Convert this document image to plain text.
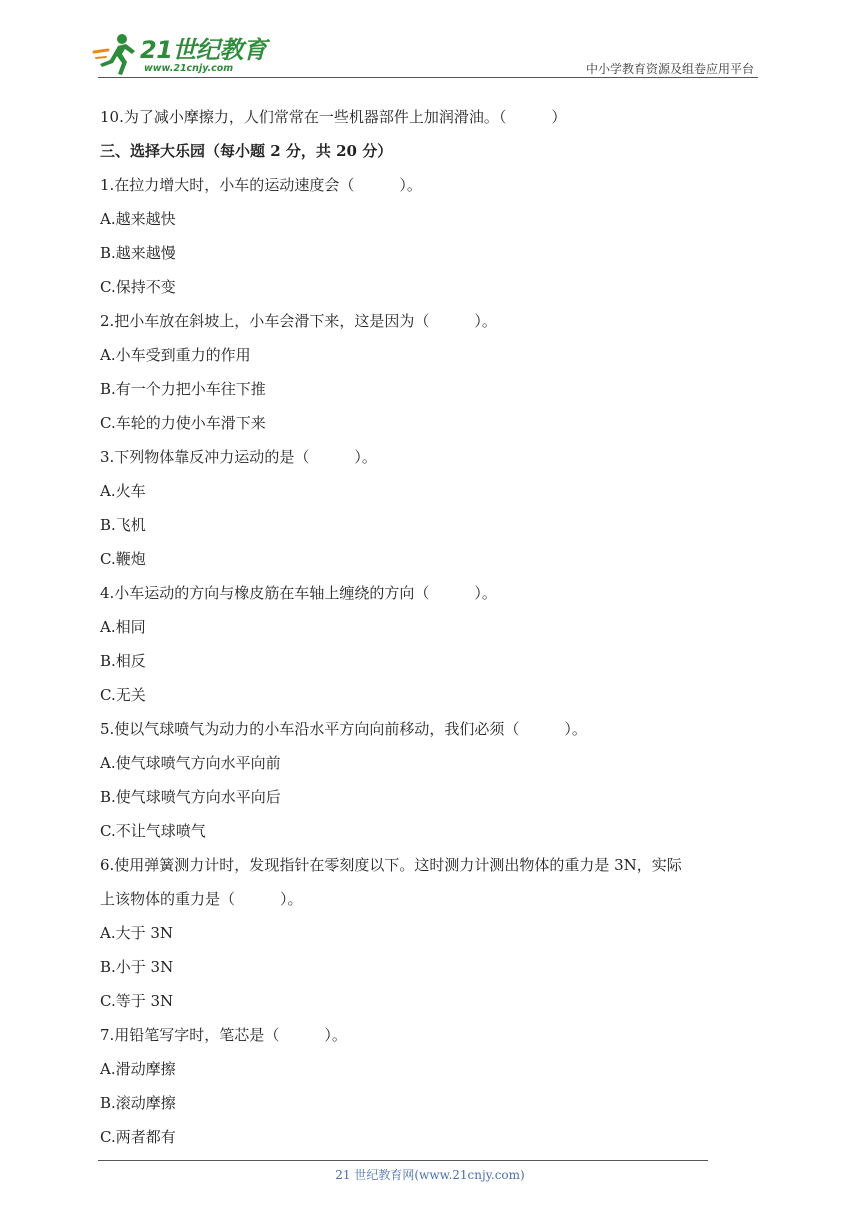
21世纪教育
www.21cnjy.com	中小学教育资源及组卷应用平台
10.为了减小摩擦力，人们常常在一些机器部件上加润滑油。（　　　）
三、选择大乐园（每小题 2 分，共 20 分）
1.在拉力增大时，小车的运动速度会（　　　）。
A.越来越快
B.越来越慢
C.保持不变
2.把小车放在斜坡上，小车会滑下来，这是因为（　　　）。
A.小车受到重力的作用
B.有一个力把小车往下推
C.车轮的力使小车滑下来
3.下列物体靠反冲力运动的是（　　　）。
A.火车
B.飞机
C.鞭炮
4.小车运动的方向与橡皮筋在车轴上缠绕的方向（　　　）。
A.相同
B.相反
C.无关
5.使以气球喷气为动力的小车沿水平方向向前移动，我们必须（　　　）。
A.使气球喷气方向水平向前
B.使气球喷气方向水平向后
C.不让气球喷气
6.使用弹簧测力计时，发现指针在零刻度以下。这时测力计测出物体的重力是 3N，实际
上该物体的重力是（　　　）。
A.大于 3N
B.小于 3N
C.等于 3N
7.用铅笔写字时，笔芯是（　　　）。
A.滑动摩擦
B.滚动摩擦
C.两者都有
21 世纪教育网(www.21cnjy.com)
